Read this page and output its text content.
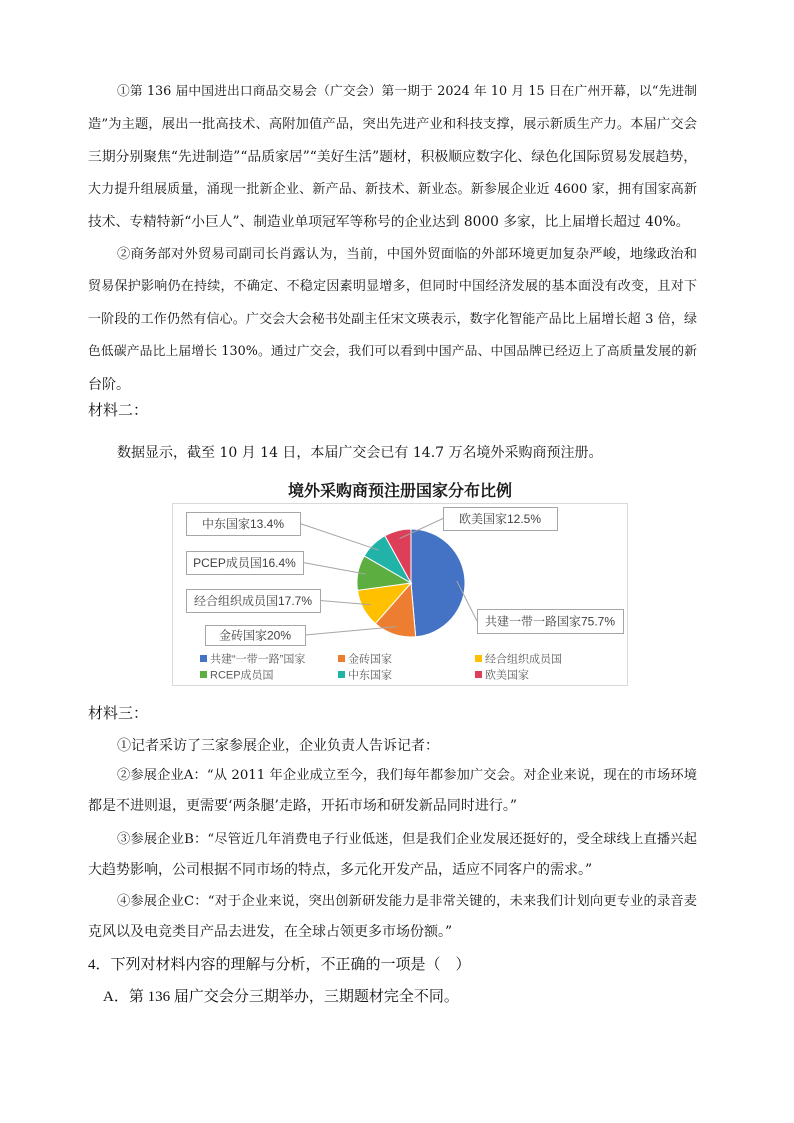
①第 136 届中国进出口商品交易会（广交会）第一期于 2024 年 10 月 15 日在广州开幕，以“先进制
造”为主题，展出一批高技术、高附加值产品，突出先进产业和科技支撑，展示新质生产力。本届广交会
三期分别聚焦“先进制造”“品质家居”“美好生活”题材，积极顺应数字化、绿色化国际贸易发展趋势，
大力提升组展质量，涌现一批新企业、新产品、新技术、新业态。新参展企业近 4600 家，拥有国家高新
技术、专精特新“小巨人”、制造业单项冠军等称号的企业达到 8000 多家，比上届增长超过 40%。
②商务部对外贸易司副司长肖露认为，当前，中国外贸面临的外部环境更加复杂严峻，地缘政治和
贸易保护影响仍在持续，不确定、不稳定因素明显增多，但同时中国经济发展的基本面没有改变，且对下
一阶段的工作仍然有信心。广交会大会秘书处副主任宋文瑛表示，数字化智能产品比上届增长超 3 倍，绿
色低碳产品比上届增长 130%。通过广交会，我们可以看到中国产品、中国品牌已经迈上了高质量发展的新
台阶。
材料二：
数据显示，截至 10 月 14 日，本届广交会已有 14.7 万名境外采购商预注册。
境外采购商预注册国家分布比例
共建一带一路国家75.7%
金砖国家20%
经合组织成员国17.7%
PCEP成员国16.4%
中东国家13.4%	欧美国家12.5%
共建“一带一路”国家	金砖国家	经合组织成员国
RCEP成员国	中东国家	欧美国家
材料三：
①记者采访了三家参展企业，企业负责人告诉记者：
②参展企业A：“从 2011 年企业成立至今，我们每年都参加广交会。对企业来说，现在的市场环境
都是不进则退，更需要‘两条腿’走路，开拓市场和研发新品同时进行。”
③参展企业B：“尽管近几年消费电子行业低迷，但是我们企业发展还挺好的，受全球线上直播兴起
大趋势影响，公司根据不同市场的特点，多元化开发产品，适应不同客户的需求。”
④参展企业C：“对于企业来说，突出创新研发能力是非常关键的，未来我们计划向更专业的录音麦
克风以及电竞类目产品去进发，在全球占领更多市场份额。”
4．下列对材料内容的理解与分析，不正确的一项是（　）
A．第 136 届广交会分三期举办，三期题材完全不同。
